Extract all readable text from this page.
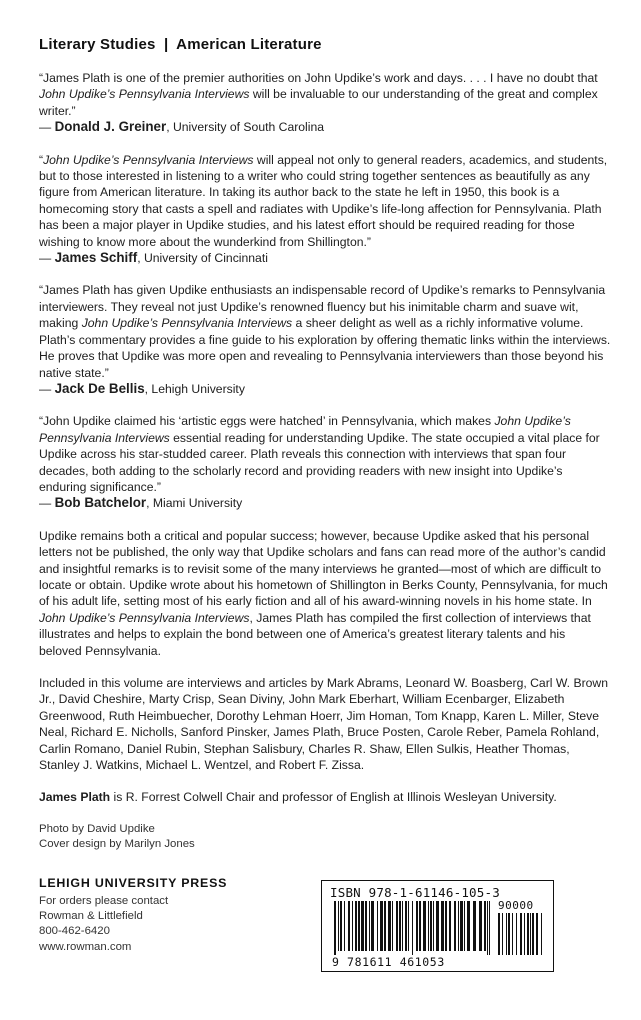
Literary Studies | American Literature

“James Plath is one of the premier authorities on John Updike’s work and days. . . . I have no doubt that John Updike’s Pennsylvania Interviews will be invaluable to our understanding of the great and complex writer.”

— Donald J. Greiner, University of South Carolina

“John Updike’s Pennsylvania Interviews will appeal not only to general readers, academics, and students, but to those interested in listening to a writer who could string together sentences as beautifully as any figure from American literature. In taking its author back to the state he left in 1950, this book is a homecoming story that casts a spell and radiates with Updike’s life-long affection for Pennsylvania. Plath has been a major player in Updike studies, and his latest effort should be required reading for those wishing to know more about the wunderkind from Shillington.”

— James Schiff, University of Cincinnati

“James Plath has given Updike enthusiasts an indispensable record of Updike’s remarks to Pennsylvania interviewers. They reveal not just Updike’s renowned fluency but his inimitable charm and suave wit, making John Updike’s Pennsylvania Interviews a sheer delight as well as a richly informative volume. Plath’s commentary provides a fine guide to his exploration by offering thematic links within the interviews. He proves that Updike was more open and revealing to Pennsylvania interviewers than those beyond his native state.”

— Jack De Bellis, Lehigh University

“John Updike claimed his ‘artistic eggs were hatched’ in Pennsylvania, which makes John Updike’s Pennsylvania Interviews essential reading for understanding Updike. The state occupied a vital place for Updike across his star-studded career. Plath reveals this connection with interviews that span four decades, both adding to the scholarly record and providing readers with new insight into Updike’s enduring significance.”

— Bob Batchelor, Miami University

Updike remains both a critical and popular success; however, because Updike asked that his personal letters not be published, the only way that Updike scholars and fans can read more of the author’s candid and insightful remarks is to revisit some of the many interviews he granted—most of which are difficult to locate or obtain. Updike wrote about his hometown of Shillington in Berks County, Pennsylvania, for much of his adult life, setting most of his early fiction and all of his award-winning novels in his home state. In John Updike’s Pennsylvania Interviews, James Plath has compiled the first collection of interviews that illustrates and helps to explain the bond between one of America’s greatest literary talents and his beloved Pennsylvania.

Included in this volume are interviews and articles by Mark Abrams, Leonard W. Boasberg, Carl W. Brown Jr., David Cheshire, Marty Crisp, Sean Diviny, John Mark Eberhart, William Ecenbarger, Elizabeth Greenwood, Ruth Heimbuecher, Dorothy Lehman Hoerr, Jim Homan, Tom Knapp, Karen L. Miller, Steve Neal, Richard E. Nicholls, Sanford Pinsker, James Plath, Bruce Posten, Carole Reber, Pamela Rohland, Carlin Romano, Daniel Rubin, Stephan Salisbury, Charles R. Shaw, Ellen Sulkis, Heather Thomas, Stanley J. Watkins, Michael L. Wentzel, and Robert F. Zissa.

James Plath is R. Forrest Colwell Chair and professor of English at Illinois Wesleyan University.
Photo by David Updike
Cover design by Marilyn Jones
LEHIGH UNIVERSITY PRESS
For orders please contact
Rowman & Littlefield
800-462-6420
www.rowman.com
ISBN 978-1-61146-105-3
90000
9 781611 461053
